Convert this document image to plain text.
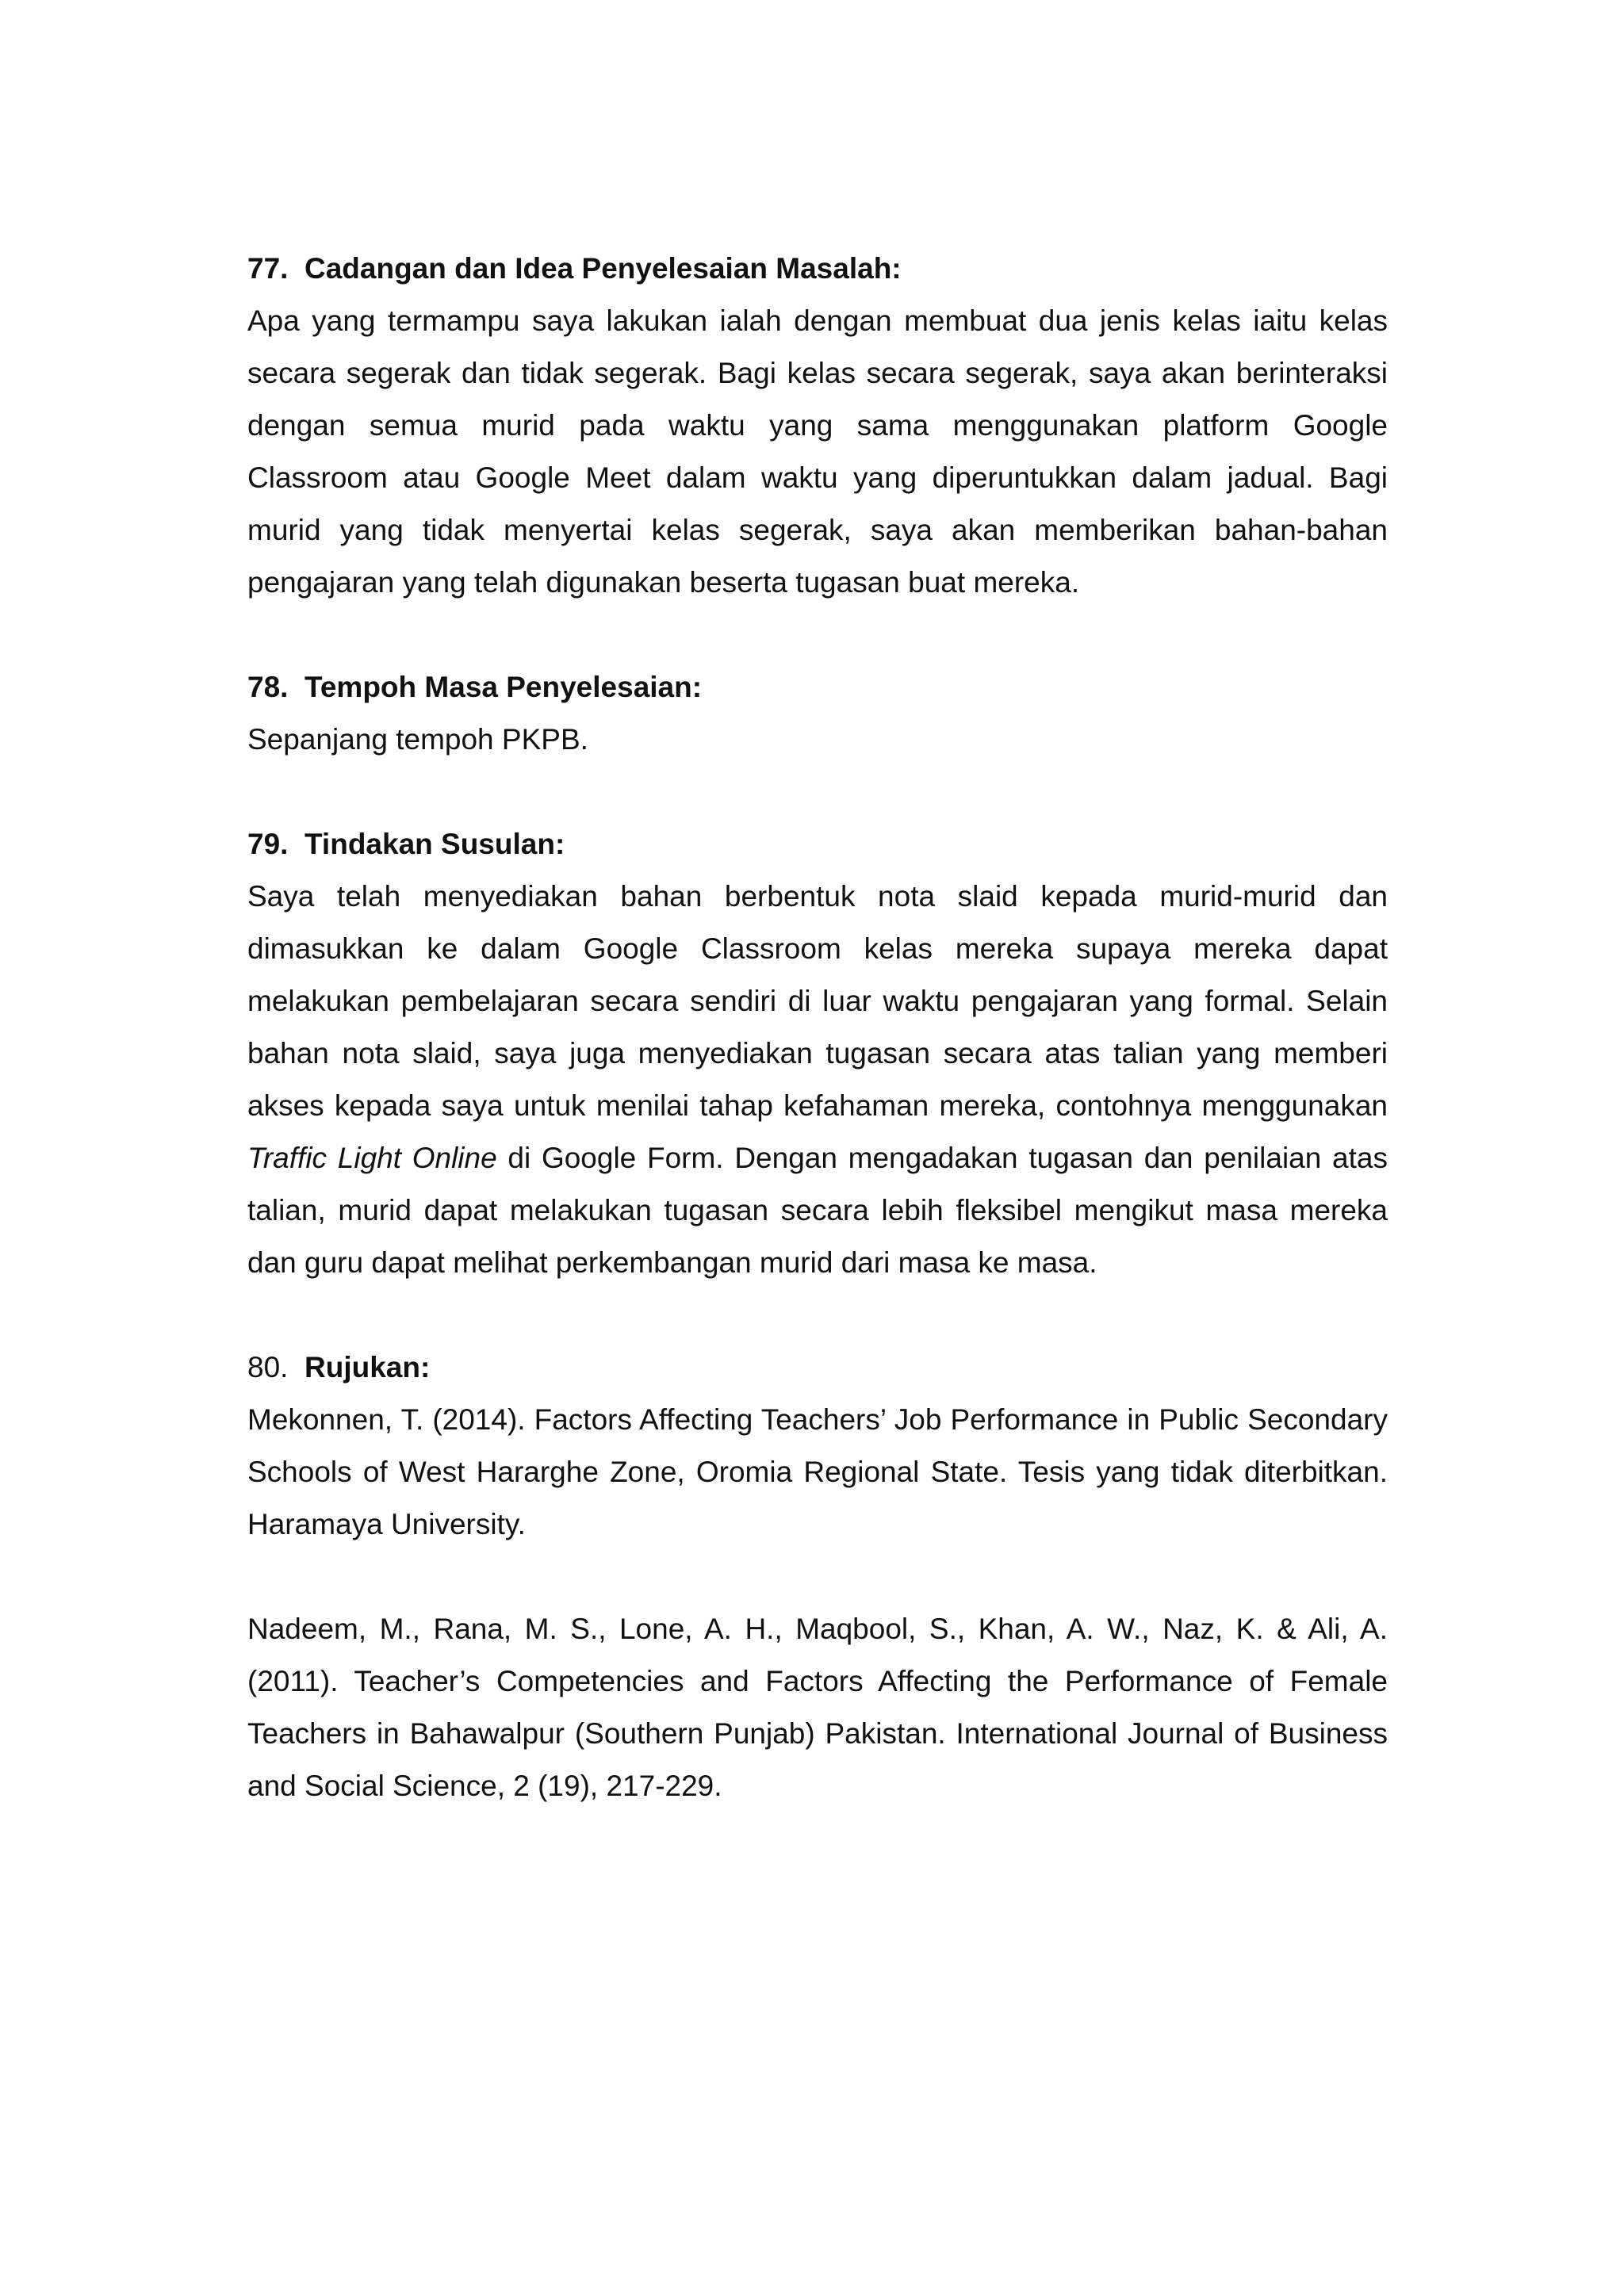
77. Cadangan dan Idea Penyelesaian Masalah:

Apa yang termampu saya lakukan ialah dengan membuat dua jenis kelas iaitu kelas secara segerak dan tidak segerak. Bagi kelas secara segerak, saya akan berinteraksi dengan semua murid pada waktu yang sama menggunakan platform Google Classroom atau Google Meet dalam waktu yang diperuntukkan dalam jadual. Bagi murid yang tidak menyertai kelas segerak, saya akan memberikan bahan-bahan pengajaran yang telah digunakan beserta tugasan buat mereka.

78. Tempoh Masa Penyelesaian:

Sepanjang tempoh PKPB.

79. Tindakan Susulan:

Saya telah menyediakan bahan berbentuk nota slaid kepada murid-murid dan dimasukkan ke dalam Google Classroom kelas mereka supaya mereka dapat melakukan pembelajaran secara sendiri di luar waktu pengajaran yang formal. Selain bahan nota slaid, saya juga menyediakan tugasan secara atas talian yang memberi akses kepada saya untuk menilai tahap kefahaman mereka, contohnya menggunakan Traffic Light Online di Google Form. Dengan mengadakan tugasan dan penilaian atas talian, murid dapat melakukan tugasan secara lebih fleksibel mengikut masa mereka dan guru dapat melihat perkembangan murid dari masa ke masa.

80. Rujukan:

Mekonnen, T. (2014). Factors Affecting Teachers’ Job Performance in Public Secondary Schools of West Hararghe Zone, Oromia Regional State. Tesis yang tidak diterbitkan. Haramaya University.

Nadeem, M., Rana, M. S., Lone, A. H., Maqbool, S., Khan, A. W., Naz, K. & Ali, A. (2011). Teacher’s Competencies and Factors Affecting the Performance of Female Teachers in Bahawalpur (Southern Punjab) Pakistan. International Journal of Business and Social Science, 2 (19), 217-229.
